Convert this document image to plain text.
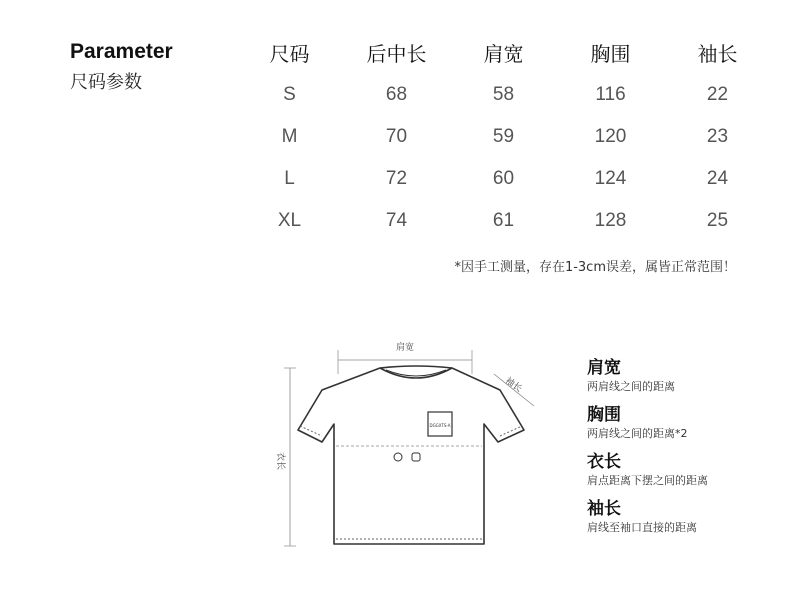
Parameter
尺码参数
尺码	后中长	肩宽	胸围	袖长
S	68	58	116	22
M	70	59	120	23
L	72	60	124	24
XL	74	61	128	25
*因手工测量，存在1-3cm误差，属皆正常范围！
DGGXTS-A
肩宽
袖长
衣长
肩宽
两肩线之间的距离
胸围
两肩线之间的距离*2
衣长
肩点距离下摆之间的距离
袖长
肩线至袖口直接的距离
